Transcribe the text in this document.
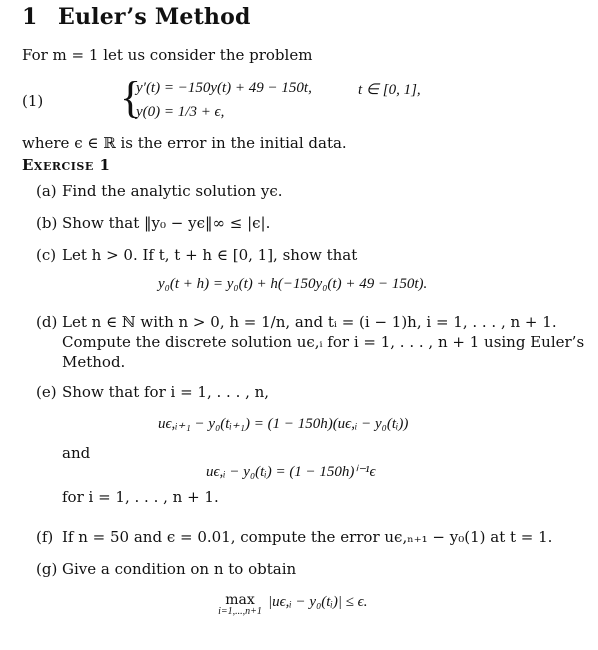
1 Euler’s Method
For m = 1 let us consider the problem
(1) {
y′(t) = −150y(t) + 49 − 150t,	t ∈ [0, 1],
y(0) = 1/3 + ϵ,
where ϵ ∈ ℝ is the error in the initial data.
Exercise 1
(a) Find the analytic solution yϵ.
(b) Show that ‖y₀ − yϵ‖∞ ≤ |ϵ|.
(c) Let h > 0. If t, t + h ∈ [0, 1], show that
y₀(t + h) = y₀(t) + h(−150y₀(t) + 49 − 150t).
(d) Let n ∈ ℕ with n > 0, h = 1/n, and tᵢ = (i − 1)h, i = 1, . . . , n + 1.
Compute the discrete solution uϵ,ᵢ for i = 1, . . . , n + 1 using Euler’s
Method.
(e) Show that for i = 1, . . . , n,
uϵ,ᵢ₊₁ − y₀(tᵢ₊₁) = (1 − 150h)(uϵ,ᵢ − y₀(tᵢ))
and
uϵ,ᵢ − y₀(tᵢ) = (1 − 150h)ⁱ⁻¹ϵ
for i = 1, . . . , n + 1.
(f) If n = 50 and ϵ = 0.01, compute the error uϵ,ₙ₊₁ − y₀(1) at t = 1.
(g) Give a condition on n to obtain
max
i=1,...,n+1
|uϵ,ᵢ − y₀(tᵢ)| ≤ ϵ.
